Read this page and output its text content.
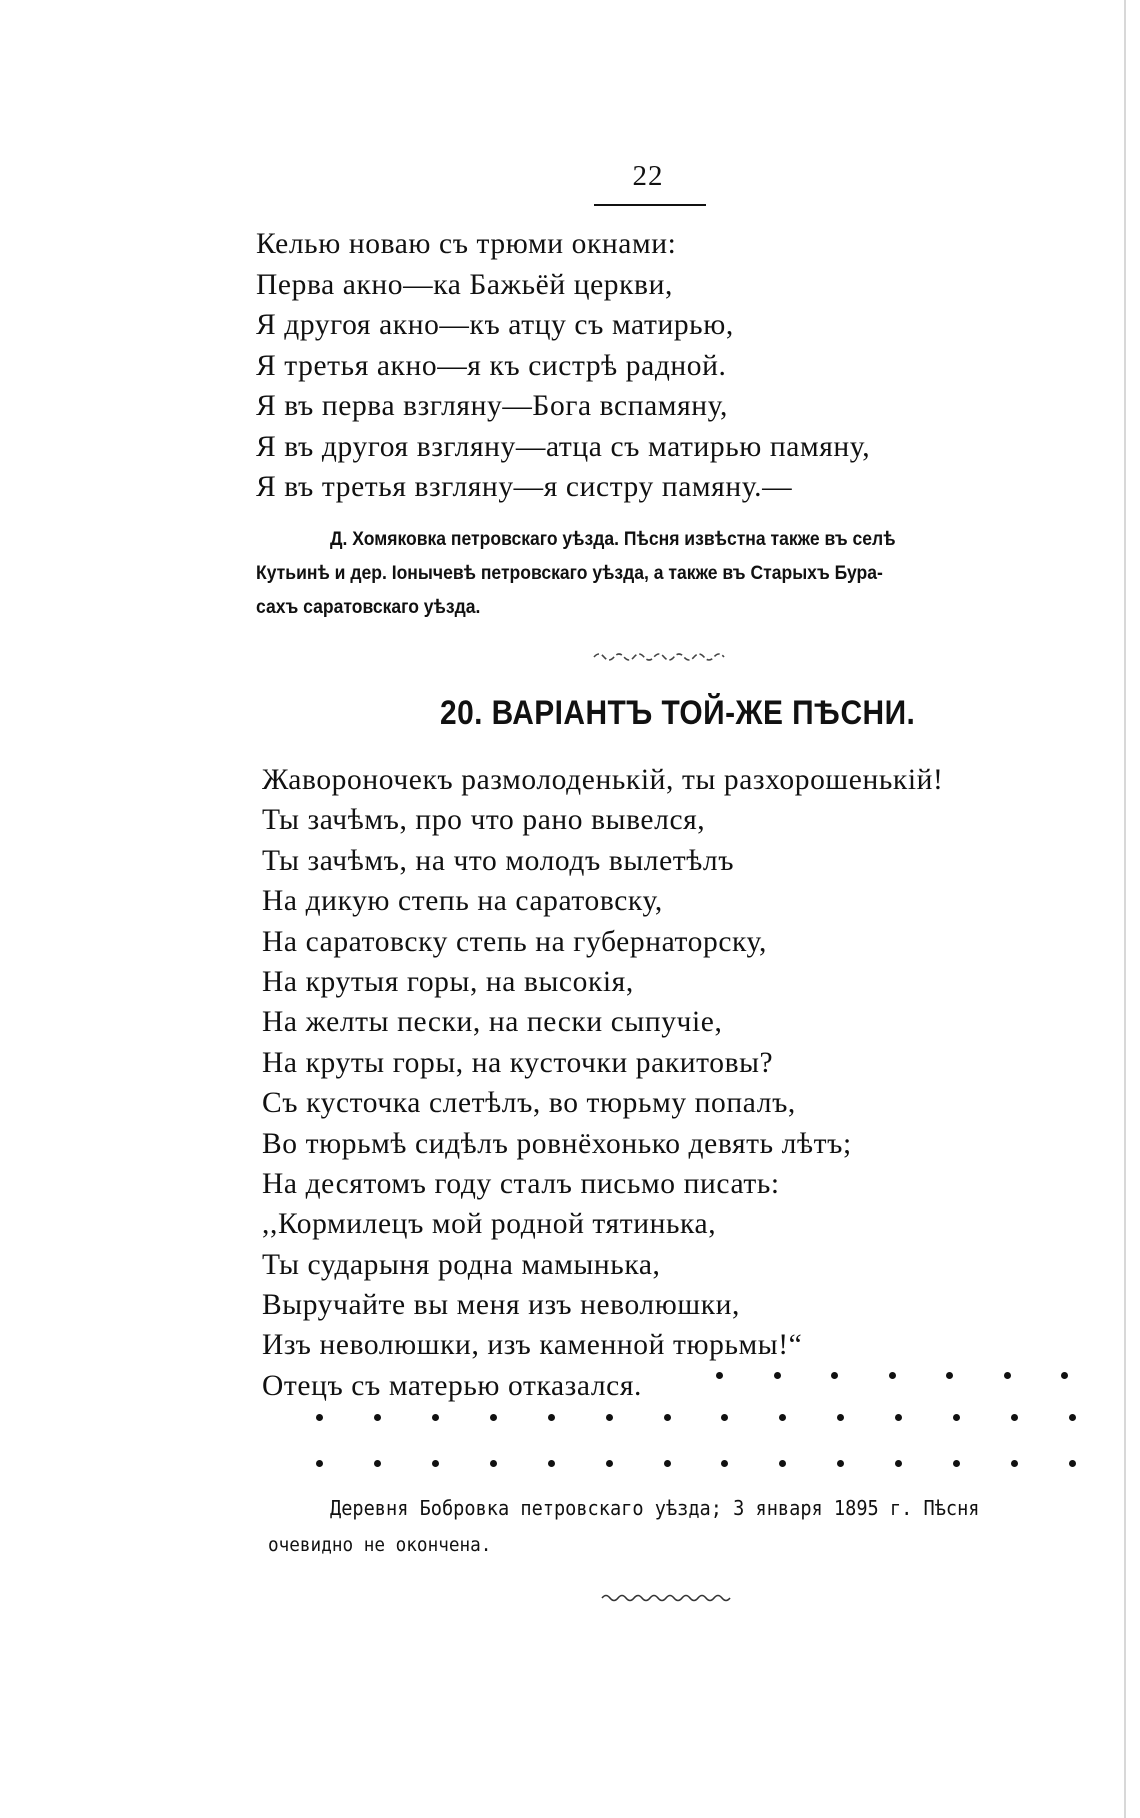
22
Келью новаю съ трюми окнами:
Перва акно—ка Бажьёй церкви,
Я другоя акно—къ атцу съ матирью,
Я третья акно—я къ систрѣ радной.
Я въ перва взгляну—Бога вспамяну,
Я въ другоя взгляну—атца съ матирью памяну,
Я въ третья взгляну—я систру памяну.—
Д. Хомяковка петровскаго уѣзда. Пѣсня извѣстна также въ селѣ
Кутьинѣ и дер. Іонычевѣ петровскаго уѣзда, а также въ Старыхъ Бура-
сахъ саратовскаго уѣзда.
20. ВАРІАНТЪ ТОЙ-ЖЕ ПѢСНИ.
Жавороночекъ размолоденькій, ты разхорошенькій!
Ты зачѣмъ, про что рано вывелся,
Ты зачѣмъ, на что молодъ вылетѣлъ
На дикую степь на саратовску,
На саратовску степь на губернаторску,
На крутыя горы, на высокія,
На желты пески, на пески сыпучіе,
На круты горы, на кусточки ракитовы?
Съ кусточка слетѣлъ, во тюрьму попалъ,
Во тюрьмѣ сидѣлъ ровнёхонько девять лѣтъ;
На десятомъ году сталъ письмо писать:
,,Кормилецъ мой родной тятинька,
Ты сударыня родна мамынька,
Выручайте вы меня изъ неволюшки,
Изъ неволюшки, изъ каменной тюрьмы!“
Отецъ съ матерью отказался.
Деревня Бобровка петровскаго уѣзда; 3 января 1895 г. Пѣсня
очевидно не окончена.
